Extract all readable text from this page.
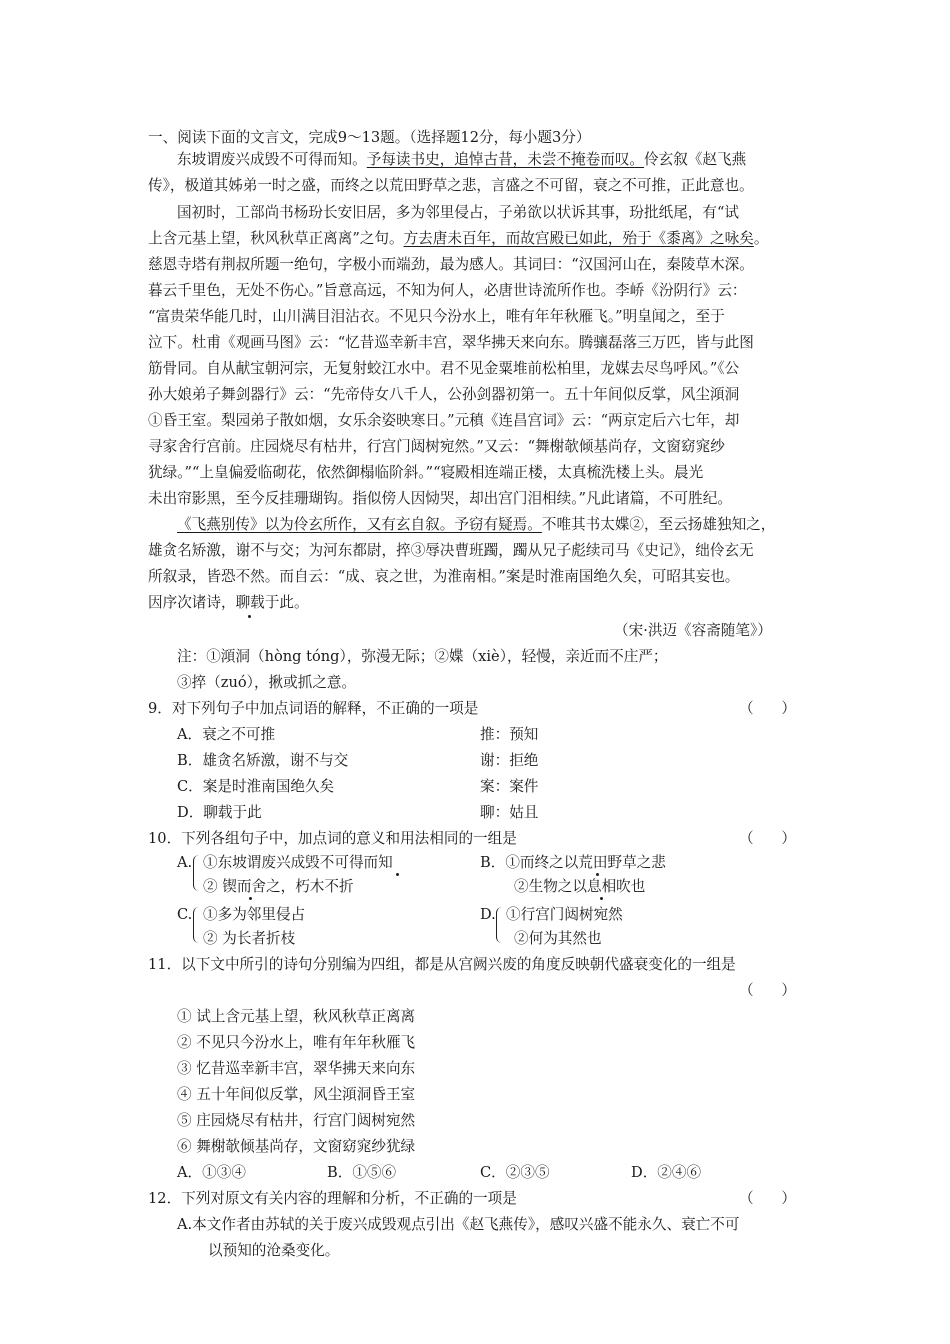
一、阅读下面的文言文，完成9～13题。（选择题12分，每小题3分）
东坡谓废兴成毁不可得而知。予每读书史，追悼古昔，未尝不掩卷而叹。伶玄叙《赵飞燕
传》，极道其姊弟一时之盛，而终之以荒田野草之悲，言盛之不可留，衰之不可推，正此意也。
国初时，工部尚书杨玢长安旧居，多为邻里侵占，子弟欲以状诉其事，玢批纸尾，有“试
上含元基上望，秋风秋草正离离”之句。方去唐未百年，而故宫殿已如此，殆于《黍离》之咏矣。
慈恩寺塔有荆叔所题一绝句，字极小而端劲，最为感人。其词曰：“汉国河山在，秦陵草木深。
暮云千里色，无处不伤心。”旨意高远，不知为何人，必唐世诗流所作也。李峤《汾阴行》云：
“富贵荣华能几时，山川满目泪沾衣。不见只今汾水上，唯有年年秋雁飞。”明皇闻之，至于
泣下。杜甫《观画马图》云：“忆昔巡幸新丰宫，翠华拂天来向东。腾骧磊落三万匹，皆与此图
筋骨同。自从献宝朝河宗，无复射蛟江水中。君不见金粟堆前松柏里，龙媒去尽鸟呼风。”《公
孙大娘弟子舞剑器行》云：“先帝侍女八千人，公孙剑器初第一。五十年间似反掌，风尘澒洞
①昏王室。梨园弟子散如烟，女乐余姿映寒日。”元稹《连昌宫词》云：“两京定后六七年，却
寻家舍行宫前。庄园烧尽有枯井，行宫门闼树宛然。”又云：“舞榭欹倾基尚存，文窗窈窕纱
犹绿。”“上皇偏爱临砌花，依然御榻临阶斜。”“寝殿相连端正楼，太真梳洗楼上头。晨光
未出帘影黑，至今反挂珊瑚钩。指似傍人因恸哭，却出宫门泪相续。”凡此诸篇，不可胜纪。
《飞燕别传》以为伶玄所作，又有玄自叙。予窃有疑焉。不唯其书太媟②，至云扬雄独知之，
雄贪名矫激，谢不与交；为河东都尉，捽③辱决曹班躅，躅从兄子彪续司马《史记》，绌伶玄无
所叙录，皆恐不然。而自云：“成、哀之世，为淮南相。”案是时淮南国绝久矣，可昭其妄也。
因序次诸诗，聊载于此。
（宋·洪迈《容斋随笔》）
注：①澒洞（hòng tóng），弥漫无际；②媟（xiè），轻慢，亲近而不庄严；
③捽（zuó），揪或抓之意。
9．对下列句子中加点词语的解释，不正确的一项是	（      ）
A．衰之不可推	推：预知
B．雄贪名矫激，谢不与交	谢：拒绝
C．案是时淮南国绝久矣	案：案件
D．聊载于此	聊：姑且
10．下列各组句子中，加点词的意义和用法相同的一组是	（      ）
A. ①东坡谓废兴成毁不可得而知
② 锲而舍之，朽木不折
B．①而终之以荒田野草之悲
②生物之以息相吹也
C. ①多为邻里侵占
② 为长者折枝
D. ①行宫门闼树宛然
②何为其然也
11．以下文中所引的诗句分别编为四组，都是从宫阙兴废的角度反映朝代盛衰变化的一组是
（      ）
① 试上含元基上望，秋风秋草正离离
② 不见只今汾水上，唯有年年秋雁飞
③ 忆昔巡幸新丰宫，翠华拂天来向东
④ 五十年间似反掌，风尘澒洞昏王室
⑤ 庄园烧尽有枯井，行宫门闼树宛然
⑥ 舞榭欹倾基尚存，文窗窈窕纱犹绿
A．①③④	B．①⑤⑥	C．②③⑤	D．②④⑥
12．下列对原文有关内容的理解和分析，不正确的一项是	（      ）
A.本文作者由苏轼的关于废兴成毁观点引出《赵飞燕传》，感叹兴盛不能永久、衰亡不可
以预知的沧桑变化。
